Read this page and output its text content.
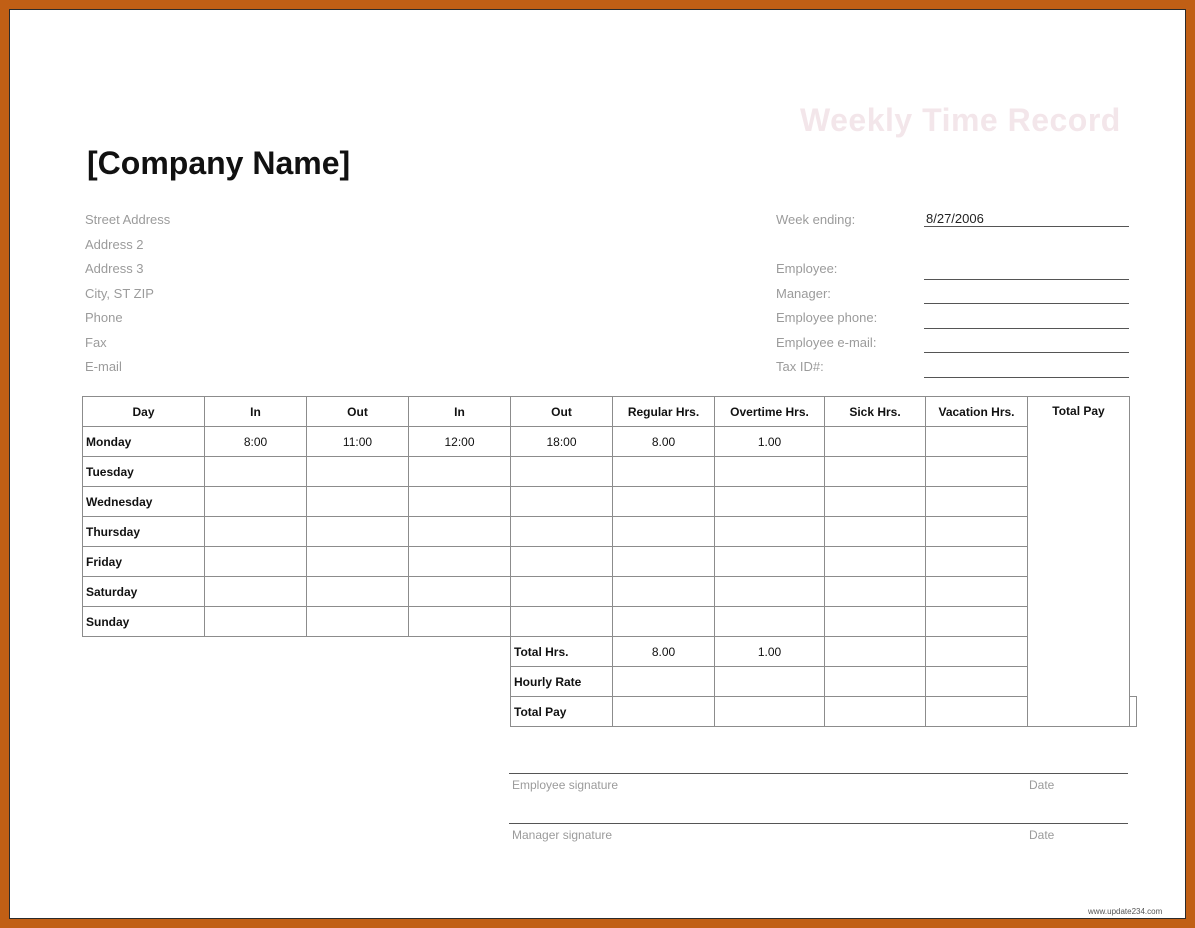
Weekly Time Record
[Company Name]
Street Address
Address 2
Address 3
City, ST ZIP
Phone
Fax
E-mail
Week ending:	8/27/2006
Employee:
Manager:
Employee phone:
Employee e-mail:
Tax ID#:
Day	In	Out	In	Out	Regular Hrs.	Overtime Hrs.	Sick Hrs.	Vacation Hrs.	Total Pay	
Monday	8:00	11:00	12:00	18:00	8.00	1.00				
Tuesday										
Wednesday										
Thursday										
Friday										
Saturday										
Sunday										
				Total Hrs.	8.00	1.00				
				Hourly Rate						
				Total Pay						
Employee signature	Date
Manager signature	Date
www.update234.com
